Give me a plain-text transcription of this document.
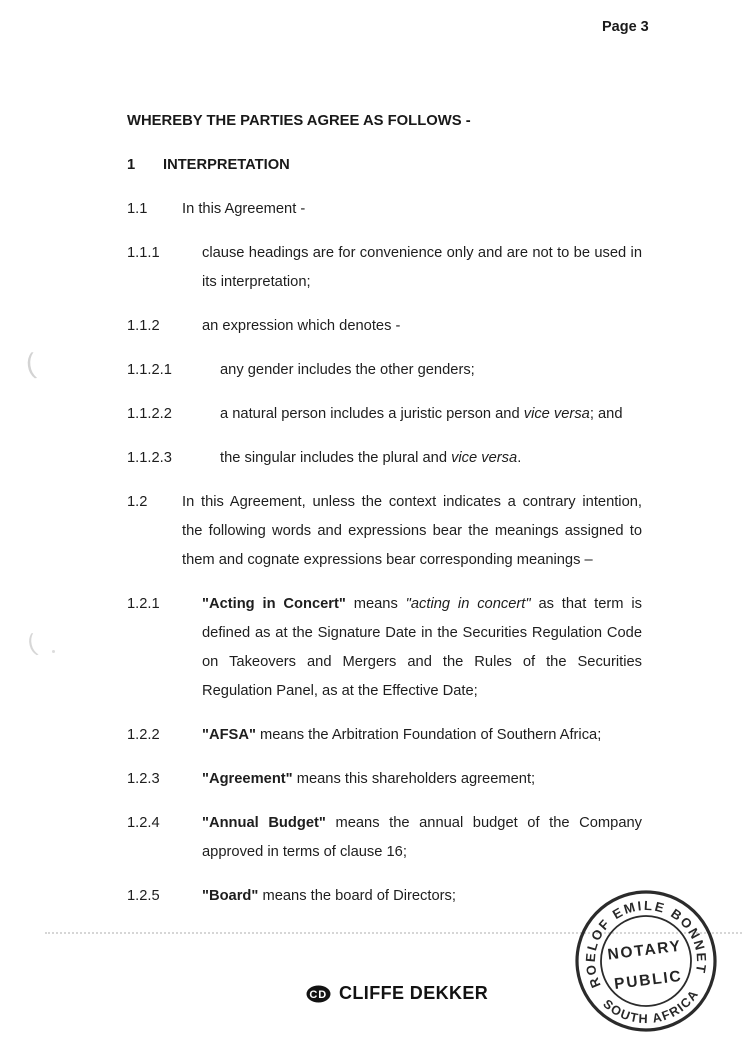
Page 3
(
(
WHEREBY THE PARTIES AGREE AS FOLLOWS -
1	INTERPRETATION
1.1	In this Agreement -
1.1.1	clause headings are for convenience only and are not to be used in its interpretation;
1.1.2	an expression which denotes -
1.1.2.1	any gender includes the other genders;
1.1.2.2	a natural person includes a juristic person and vice versa; and
1.1.2.3	the singular includes the plural and vice versa.
1.2	In this Agreement, unless the context indicates a contrary intention, the following words and expressions bear the meanings assigned to them and cognate expressions bear corresponding meanings –
1.2.1	"Acting in Concert" means "acting in concert" as that term is defined as at the Signature Date in the Securities Regulation Code on Takeovers and Mergers and the Rules of the Securities Regulation Panel, as at the Effective Date;
1.2.2	"AFSA" means the Arbitration Foundation of Southern Africa;
1.2.3	"Agreement" means this shareholders agreement;
1.2.4	"Annual Budget" means the annual budget of the Company approved in terms of clause 16;
1.2.5	"Board" means the board of Directors;
ROELOF EMILE BONNET
SOUTH AFRICA
NOTARY
PUBLIC
C D CLIFFE DEKKER
